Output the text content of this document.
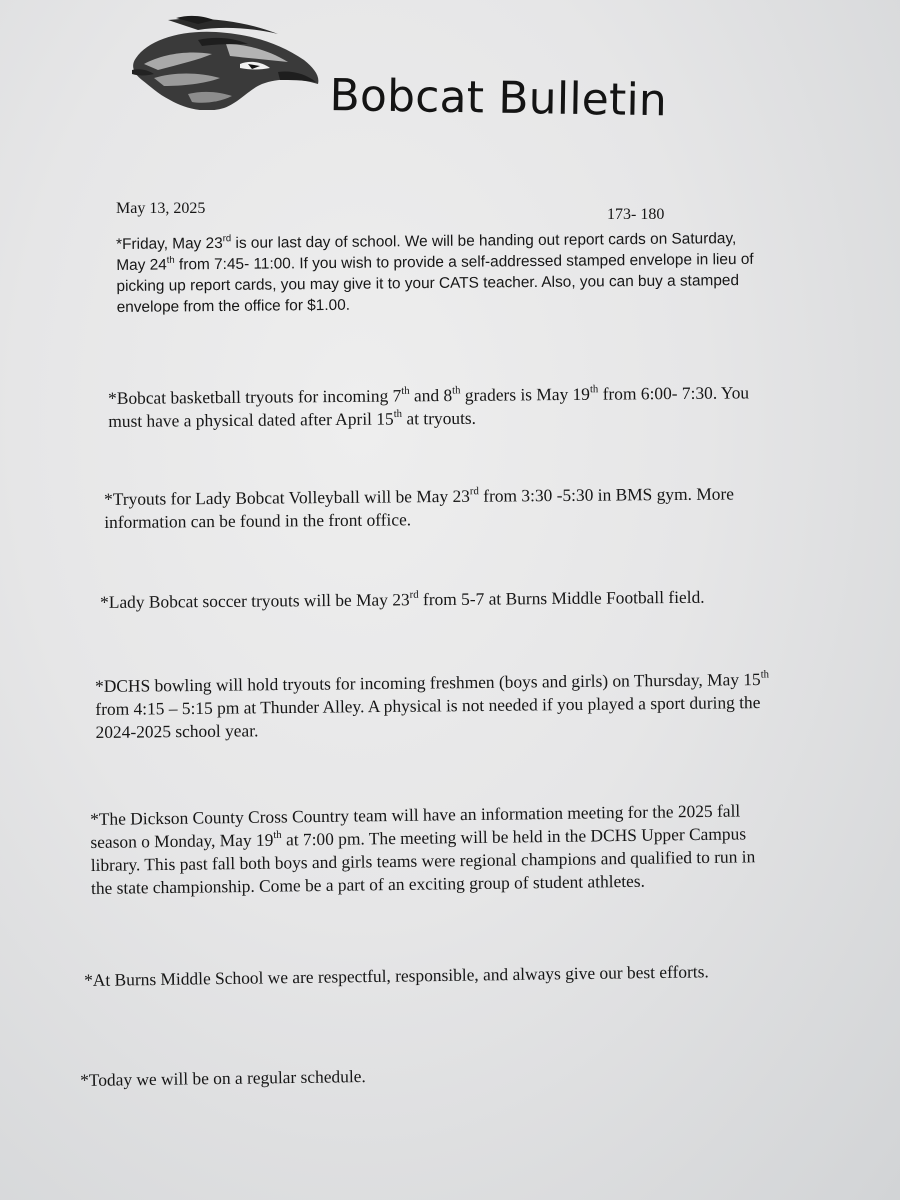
Bobcat Bulletin
May 13, 2025	173- 180
*Friday, May 23rd is our last day of school. We will be handing out report cards on Saturday,
May 24th from 7:45- 11:00. If you wish to provide a self-addressed stamped envelope in lieu of
picking up report cards, you may give it to your CATS teacher. Also, you can buy a stamped
envelope from the office for $1.00.
*Bobcat basketball tryouts for incoming 7th and 8th graders is May 19th from 6:00- 7:30. You
must have a physical dated after April 15th at tryouts.
*Tryouts for Lady Bobcat Volleyball will be May 23rd from 3:30 -5:30 in BMS gym. More
information can be found in the front office.
*Lady Bobcat soccer tryouts will be May 23rd from 5-7 at Burns Middle Football field.
*DCHS bowling will hold tryouts for incoming freshmen (boys and girls) on Thursday, May 15th
from 4:15 – 5:15 pm at Thunder Alley. A physical is not needed if you played a sport during the
2024-2025 school year.
*The Dickson County Cross Country team will have an information meeting for the 2025 fall
season o Monday, May 19th at 7:00 pm. The meeting will be held in the DCHS Upper Campus
library. This past fall both boys and girls teams were regional champions and qualified to run in
the state championship. Come be a part of an exciting group of student athletes.
*At Burns Middle School we are respectful, responsible, and always give our best efforts.
*Today we will be on a regular schedule.
